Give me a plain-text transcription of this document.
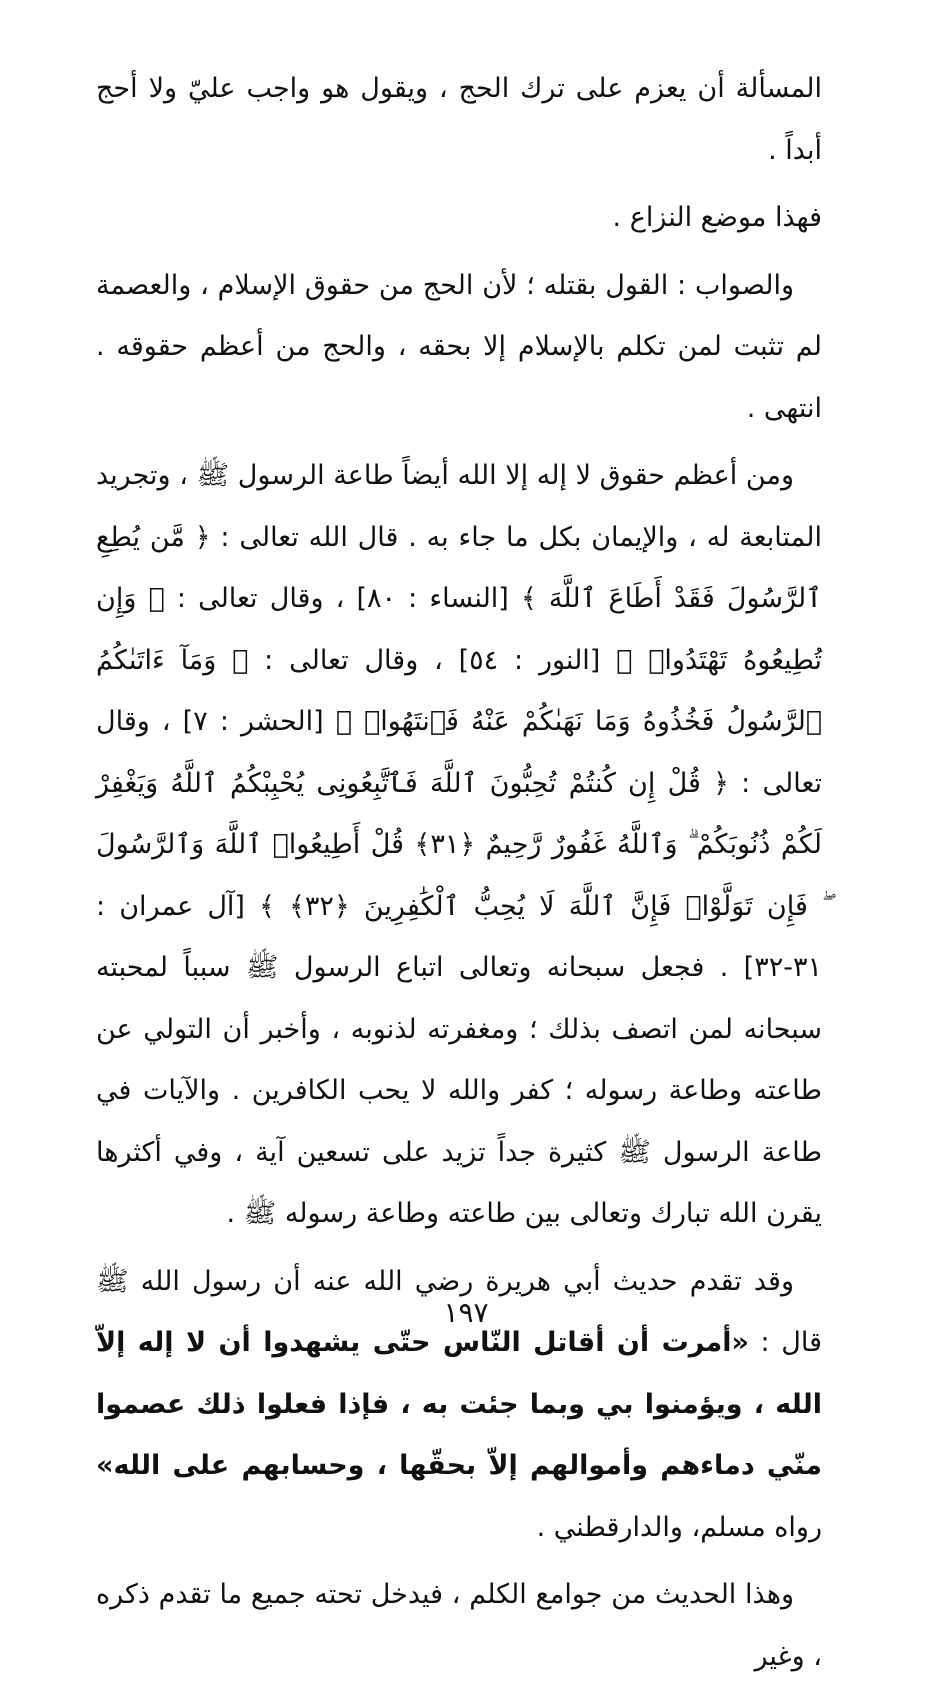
المسألة أن يعزم على ترك الحج ، ويقول هو واجب عليّ ولا أحج أبداً .

فهذا موضع النزاع .

والصواب : القول بقتله ؛ لأن الحج من حقوق الإسلام ، والعصمة لم تثبت لمن تكلم بالإسلام إلا بحقه ، والحج من أعظم حقوقه . انتهى .

ومن أعظم حقوق لا إله إلا الله أيضاً طاعة الرسول ﷺ ، وتجريد المتابعة له ، والإيمان بكل ما جاء به . قال الله تعالى : ﴿ مَّن يُطِعِ ٱلرَّسُولَ فَقَدْ أَطَاعَ ٱللَّهَ ﴾ [النساء : ٨٠] ، وقال تعالى : ﴿ وَإِن تُطِيعُوهُ تَهْتَدُوا۟ ﴾ [النور : ٥٤] ، وقال تعالى : ﴿ وَمَآ ءَاتَىٰكُمُ ٱلرَّسُولُ فَخُذُوهُ وَمَا نَهَىٰكُمْ عَنْهُ فَٱنتَهُوا۟ ﴾ [الحشر : ٧] ، وقال تعالى : ﴿ قُلْ إِن كُنتُمْ تُحِبُّونَ ٱللَّهَ فَٱتَّبِعُونِى يُحْبِبْكُمُ ٱللَّهُ وَيَغْفِرْ لَكُمْ ذُنُوبَكُمْ ۗ وَٱللَّهُ غَفُورٌ رَّحِيمٌ ﴿٣١﴾ قُلْ أَطِيعُوا۟ ٱللَّهَ وَٱلرَّسُولَ ۖ فَإِن تَوَلَّوْا۟ فَإِنَّ ٱللَّهَ لَا يُحِبُّ ٱلْكَٰفِرِينَ ﴿٣٢﴾ ﴾ [آل عمران : ٣١-٣٢] . فجعل سبحانه وتعالى اتباع الرسول ﷺ سبباً لمحبته سبحانه لمن اتصف بذلك ؛ ومغفرته لذنوبه ، وأخبر أن التولي عن طاعته وطاعة رسوله ؛ كفر والله لا يحب الكافرين . والآيات في طاعة الرسول ﷺ كثيرة جداً تزيد على تسعين آية ، وفي أكثرها يقرن الله تبارك وتعالى بين طاعته وطاعة رسوله ﷺ .

وقد تقدم حديث أبي هريرة رضي الله عنه أن رسول الله ﷺ قال : «أمرت أن أقاتل النّاس حتّى يشهدوا أن لا إله إلاّ الله ، ويؤمنوا بي وبما جئت به ، فإذا فعلوا ذلك عصموا منّي دماءهم وأموالهم إلاّ بحقّها ، وحسابهم على الله» رواه مسلم، والدارقطني .

وهذا الحديث من جوامع الكلم ، فيدخل تحته جميع ما تقدم ذكره ، وغير

١٩٧
